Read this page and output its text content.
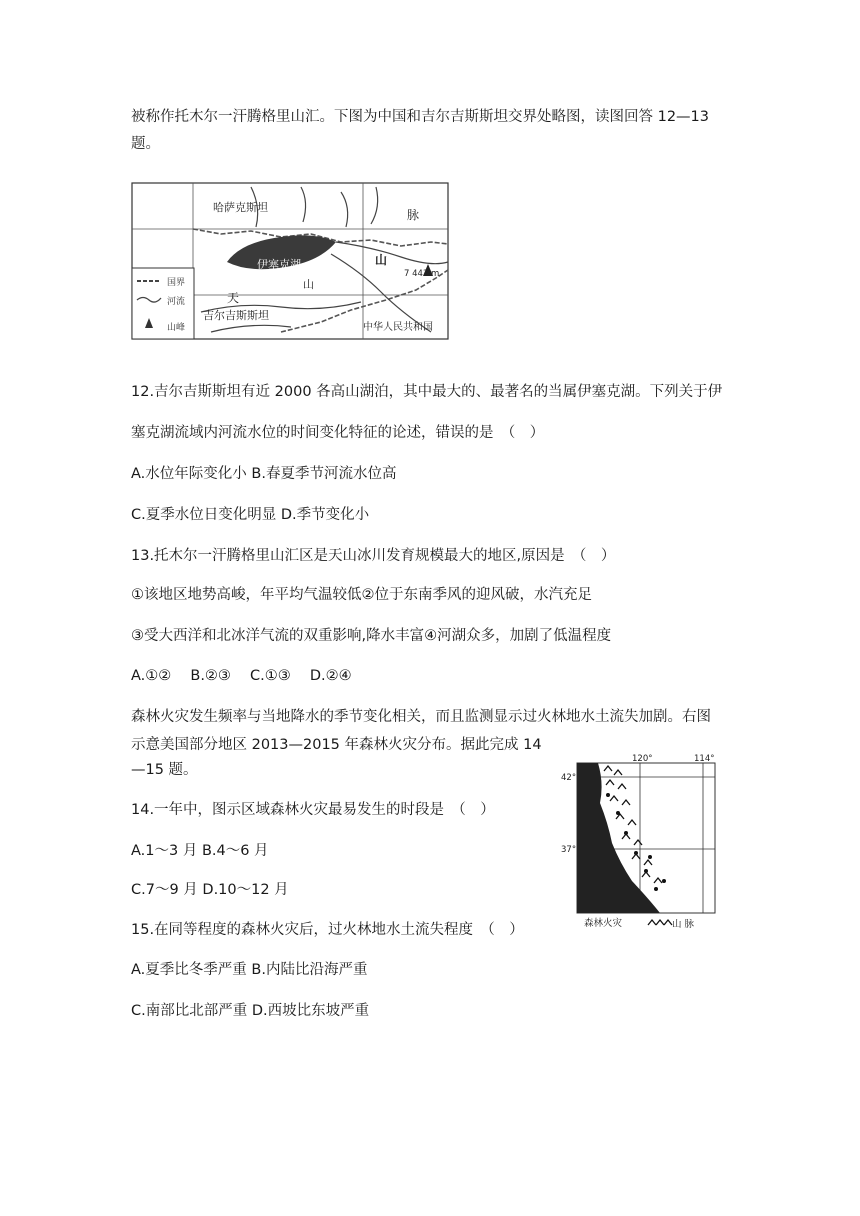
被称作托木尔一汗腾格里山汇。下图为中国和吉尔吉斯斯坦交界处略图，读图回答 12—13
题。
国界
河流
山峰
哈萨克斯坦
脉
山
伊塞克湖
山
7 443 m
天
吉尔吉斯斯坦
中华人民共和国
12.吉尔吉斯斯坦有近 2000 各高山湖泊，其中最大的、最著名的当属伊塞克湖。下列关于伊
塞克湖流域内河流水位的时间变化特征的论述，错误的是　（　）
A.水位年际变化小 B.春夏季节河流水位高
C.夏季水位日变化明显 D.季节变化小
13.托木尔一汗腾格里山汇区是天山冰川发育规模最大的地区,原因是　（　）
①该地区地势高峻，年平均气温较低②位于东南季风的迎风破，水汽充足
③受大西洋和北冰洋气流的双重影响,降水丰富④河湖众多，加剧了低温程度
A.①②　 B.②③　 C.①③　 D.②④
森林火灾发生频率与当地降水的季节变化相关，而且监测显示过火林地水土流失加剧。右图
示意美国部分地区 2013—2015 年森林火灾分布。据此完成 14
—15 题。
14.一年中，图示区域森林火灾最易发生的时段是　（　）
A.1～3 月 B.4～6 月
C.7～9 月 D.10～12 月
15.在同等程度的森林火灾后，过火林地水土流失程度　（　）
A.夏季比冬季严重 B.内陆比沿海严重
C.南部比北部严重 D.西坡比东坡严重
120°	114°
42°
37°
森林火灾	山 脉
